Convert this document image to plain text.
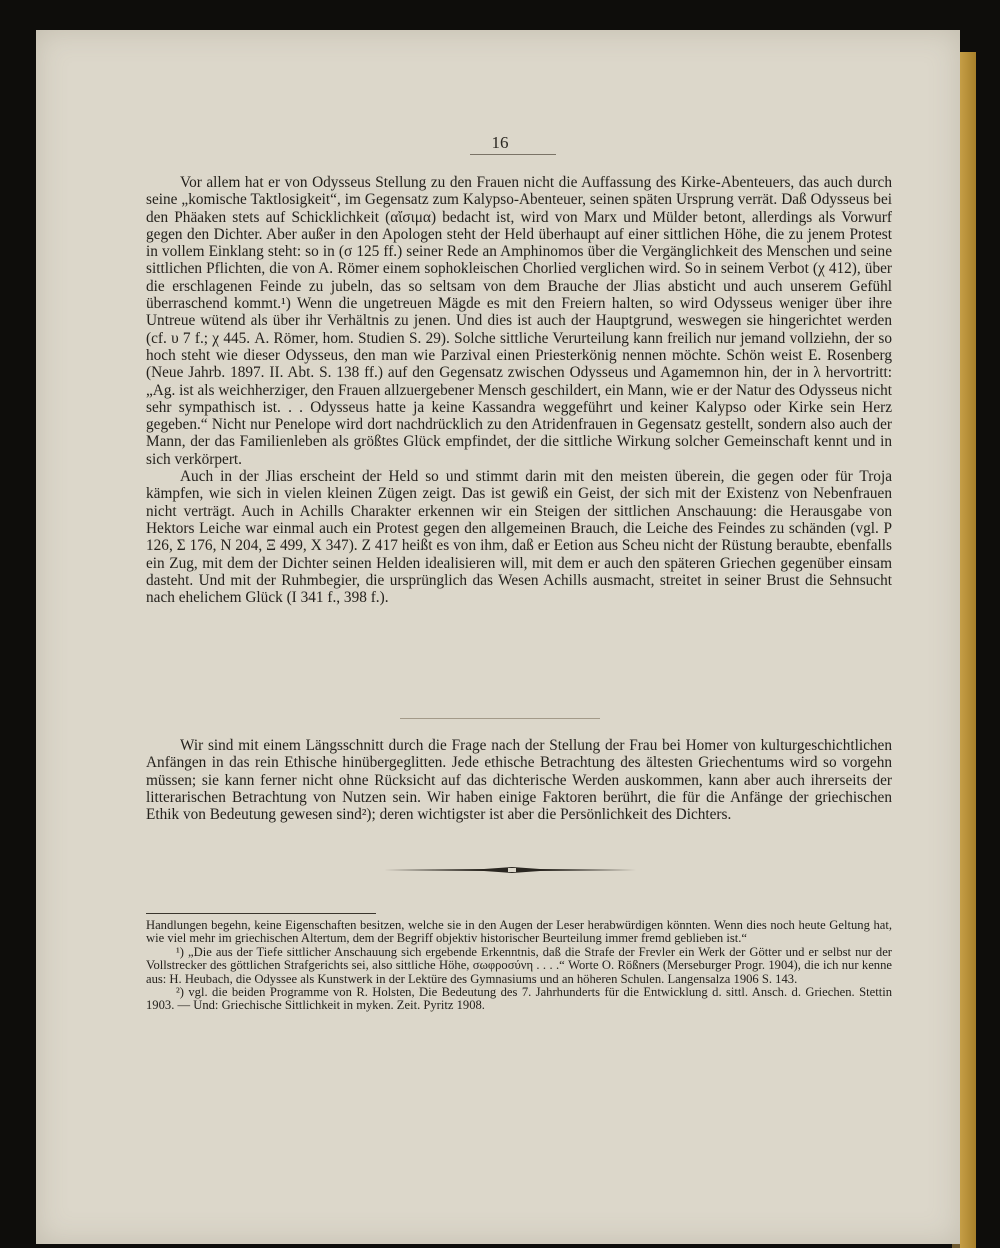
16

Vor allem hat er von Odysseus Stellung zu den Frauen nicht die Auffassung des Kirke-Abenteuers, das auch durch seine „komische Taktlosigkeit“, im Gegensatz zum Kalypso-Abenteuer, seinen späten Ursprung verrät. Daß Odysseus bei den Phäaken stets auf Schicklichkeit (αἴσιμα) bedacht ist, wird von Marx und Mülder betont, allerdings als Vorwurf gegen den Dichter. Aber außer in den Apologen steht der Held überhaupt auf einer sittlichen Höhe, die zu jenem Protest in vollem Einklang steht: so in (σ 125 ff.) seiner Rede an Amphinomos über die Vergänglichkeit des Menschen und seine sittlichen Pflichten, die von A. Römer einem sophokleischen Chorlied verglichen wird. So in seinem Verbot (χ 412), über die erschlagenen Feinde zu jubeln, das so seltsam von dem Brauche der Jlias absticht und auch unserem Gefühl überraschend kommt.¹) Wenn die ungetreuen Mägde es mit den Freiern halten, so wird Odysseus weniger über ihre Untreue wütend als über ihr Verhältnis zu jenen. Und dies ist auch der Hauptgrund, weswegen sie hingerichtet werden (cf. υ 7 f.; χ 445. A. Römer, hom. Studien S. 29). Solche sittliche Verurteilung kann freilich nur jemand vollziehn, der so hoch steht wie dieser Odysseus, den man wie Parzival einen Priesterkönig nennen möchte. Schön weist E. Rosenberg (Neue Jahrb. 1897. II. Abt. S. 138 ff.) auf den Gegensatz zwischen Odysseus und Agamemnon hin, der in λ hervortritt: „Ag. ist als weichherziger, den Frauen allzuergebener Mensch geschildert, ein Mann, wie er der Natur des Odysseus nicht sehr sympathisch ist. . . Odysseus hatte ja keine Kassandra weggeführt und keiner Kalypso oder Kirke sein Herz gegeben.“ Nicht nur Penelope wird dort nachdrücklich zu den Atridenfrauen in Gegensatz gestellt, sondern also auch der Mann, der das Familienleben als größtes Glück empfindet, der die sittliche Wirkung solcher Gemeinschaft kennt und in sich verkörpert.

Auch in der Jlias erscheint der Held so und stimmt darin mit den meisten überein, die gegen oder für Troja kämpfen, wie sich in vielen kleinen Zügen zeigt. Das ist gewiß ein Geist, der sich mit der Existenz von Nebenfrauen nicht verträgt. Auch in Achills Charakter erkennen wir ein Steigen der sittlichen Anschauung: die Herausgabe von Hektors Leiche war einmal auch ein Protest gegen den allgemeinen Brauch, die Leiche des Feindes zu schänden (vgl. Ρ 126, Σ 176, Ν 204, Ξ 499, Χ 347). Ζ 417 heißt es von ihm, daß er Eetion aus Scheu nicht der Rüstung beraubte, ebenfalls ein Zug, mit dem der Dichter seinen Helden idealisieren will, mit dem er auch den späteren Griechen gegenüber einsam dasteht. Und mit der Ruhmbegier, die ursprünglich das Wesen Achills ausmacht, streitet in seiner Brust die Sehnsucht nach ehelichem Glück (Ι 341 f., 398 f.).

Wir sind mit einem Längsschnitt durch die Frage nach der Stellung der Frau bei Homer von kulturgeschichtlichen Anfängen in das rein Ethische hinübergeglitten. Jede ethische Betrachtung des ältesten Griechentums wird so vorgehn müssen; sie kann ferner nicht ohne Rücksicht auf das dichterische Werden auskommen, kann aber auch ihrerseits der litterarischen Betrachtung von Nutzen sein. Wir haben einige Faktoren berührt, die für die Anfänge der griechischen Ethik von Bedeutung gewesen sind²); deren wichtigster ist aber die Persönlichkeit des Dichters.

Handlungen begehn, keine Eigenschaften besitzen, welche sie in den Augen der Leser herabwürdigen könnten. Wenn dies noch heute Geltung hat, wie viel mehr im griechischen Altertum, dem der Begriff objektiv historischer Beurteilung immer fremd geblieben ist.“

¹) „Die aus der Tiefe sittlicher Anschauung sich ergebende Erkenntnis, daß die Strafe der Frevler ein Werk der Götter und er selbst nur der Vollstrecker des göttlichen Strafgerichts sei, also sittliche Höhe, σωφροσύνη . . . .“ Worte O. Rößners (Merseburger Progr. 1904), die ich nur kenne aus: H. Heubach, die Odyssee als Kunstwerk in der Lektüre des Gymnasiums und an höheren Schulen. Langensalza 1906 S. 143.

²) vgl. die beiden Programme von R. Holsten, Die Bedeutung des 7. Jahrhunderts für die Entwicklung d. sittl. Ansch. d. Griechen. Stettin 1903. — Und: Griechische Sittlichkeit in myken. Zeit. Pyritz 1908.
